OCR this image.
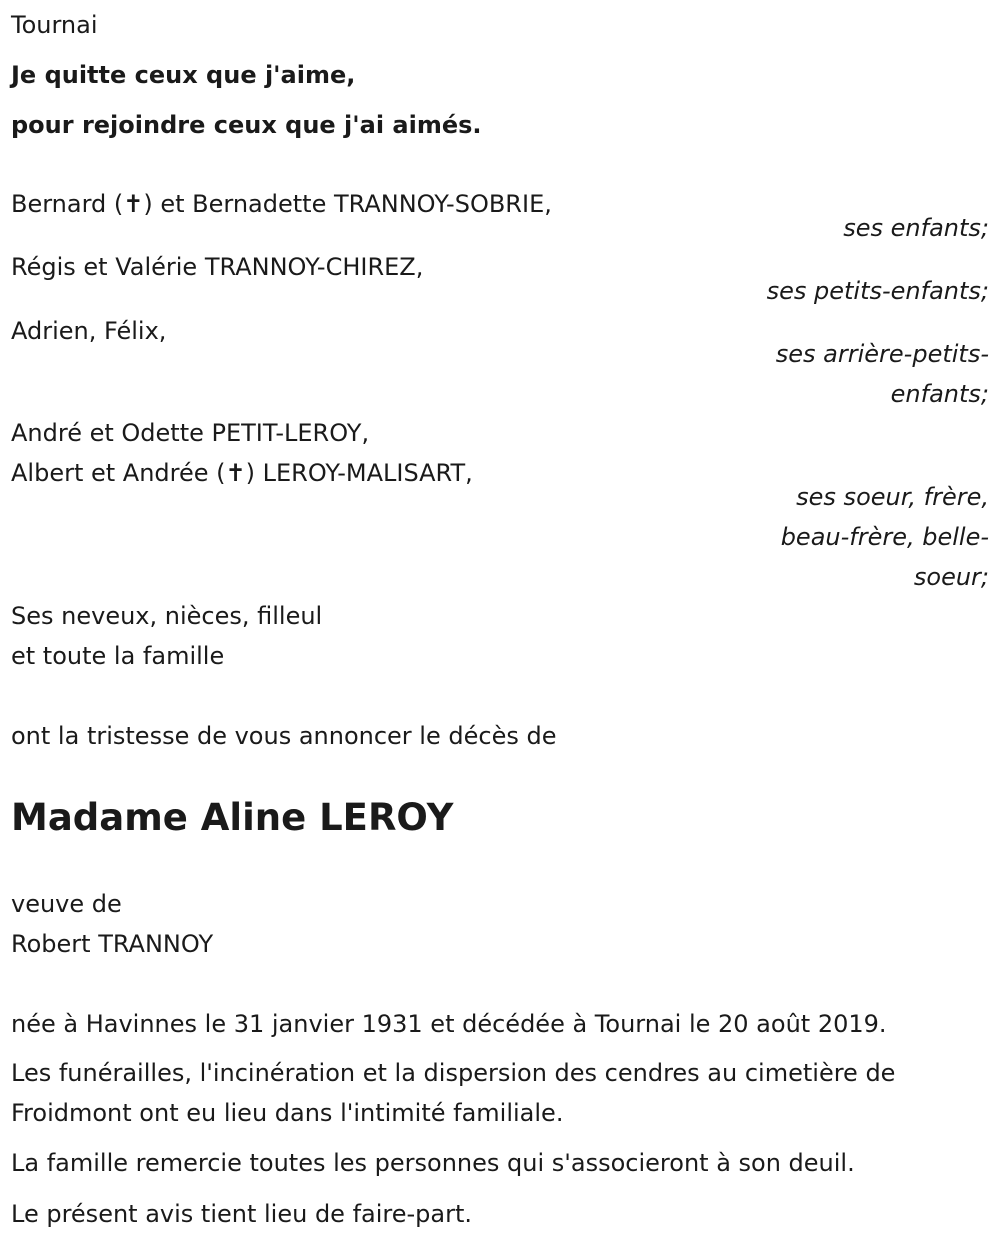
Tournai
Je quitte ceux que j'aime,
pour rejoindre ceux que j'ai aimés.
Bernard (✝) et Bernadette TRANNOY-SOBRIE,
ses enfants;
Régis et Valérie TRANNOY-CHIREZ,
ses petits-enfants;
Adrien, Félix,
ses arrière-petits-
enfants;
André et Odette PETIT-LEROY,
Albert et Andrée (✝) LEROY-MALISART,
ses soeur, frère,
beau-frère, belle-
soeur;
Ses neveux, nièces, filleul
et toute la famille
ont la tristesse de vous annoncer le décès de
Madame Aline LEROY
veuve de
Robert TRANNOY
née à Havinnes le 31 janvier 1931 et décédée à Tournai le 20 août 2019.
Les funérailles, l'incinération et la dispersion des cendres au cimetière de
Froidmont ont eu lieu dans l'intimité familiale.
La famille remercie toutes les personnes qui s'associeront à son deuil.
Le présent avis tient lieu de faire-part.
